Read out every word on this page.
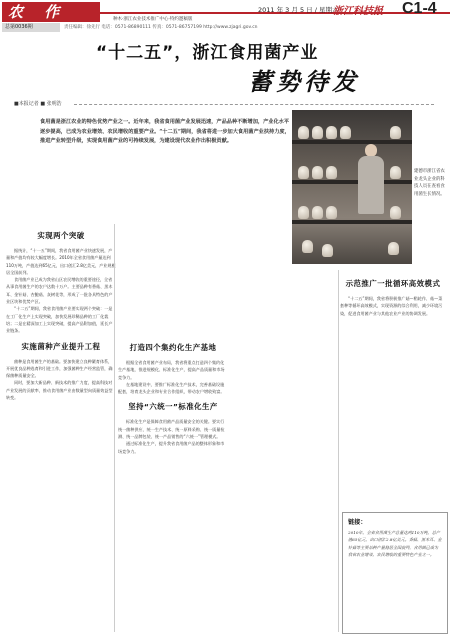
农 作	种木·浙江农业技术推广中心·特约邀稿版
2011 年 3 月 5 日 / 星期六
浙江科技报 C1-4
总第0036期	责任编辑：徐先行 电话：0571-86890111 传真：0571-86757199 http://www.zjagri.gov.cn
“十二五”，浙江食用菌产业
蓄势待发
■本报记者 ■ 张明浩
食用菌是浙江农业的特色优势产业之一。近年来，我省食用菌产业发展迅速，产品品种不断增加，产业化水平逐步提高，已成为农业增效、农民增收的重要产业。“十二五”期间，我省将进一步加大食用菌产业扶持力度，推进产业转型升级，实现食用菌产业的可持续发展，为建设现代农业作出积极贡献。
建德市浙江省农业龙头企业的科技人员在查看食用菌生长情况。
实现两个突破

据统计，“十一五”期间，我省食用菌产业快速发展，产量和产值均有较大幅度增长。2010年全省食用菌产量达到110万吨，产值达到65亿元，出口创汇2.8亿美元，产业规模居全国前列。

食用菌产业已成为我省山区农民增收的重要途径，全省从事食用菌生产的农户达数十万户。主要品种有香菇、黑木耳、金针菇、杏鲍菇、灰树花等，形成了一批各具特色的产业区块和优势产区。

“十二五”期间，我省食用菌产业要实现两个突破：一是在工厂化生产上实现突破，加快发展珍稀品种的工厂化栽培；二是在精深加工上实现突破，提高产品附加值，延长产业链条。

实施菌种产业提升工程

菌种是食用菌生产的基础。要加快建立良种繁育体系，开展优良品种选育和引进工作，加强菌种生产经营监管，确保菌种质量安全。

同时，要加大新品种、新技术的推广力度，提高科技对产业发展的贡献率，推动食用菌产业由数量型向质量效益型转变。

打造四个集约化生产基地

根据全省食用菌产业布局，我省将重点打造四个集约化生产基地，推进规模化、标准化生产，提高产品质量和市场竞争力。

在基地建设中，要推广标准化生产技术，完善基础设施配套，培育龙头企业和专业合作组织，带动农户增收致富。

坚持“六统一”标准化生产

标准化生产是保障食用菌产品质量安全的关键。要实行统一菌种供应、统一生产技术、统一原料采购、统一质量检测、统一品牌包装、统一产品销售的“六统一”管理模式。

通过标准化生产，提升我省食用菌产品的整体形象和市场竞争力。

示范推广一批循环高效模式

“十二五”期间，我省将积极推广菇—稻轮作、菇—菜套种等循环高效模式，实现资源的综合利用，减少环境污染，促进食用菌产业与其他农业产业的协调发展。

链接：
2010年，全省食用菌生产总量达到110万吨，总产值65亿元，出口创汇2.8亿美元。香菇、黑木耳、金针菇等主要品种产量稳居全国前列，食用菌已成为我省农业增效、农民增收的重要特色产业之一。
